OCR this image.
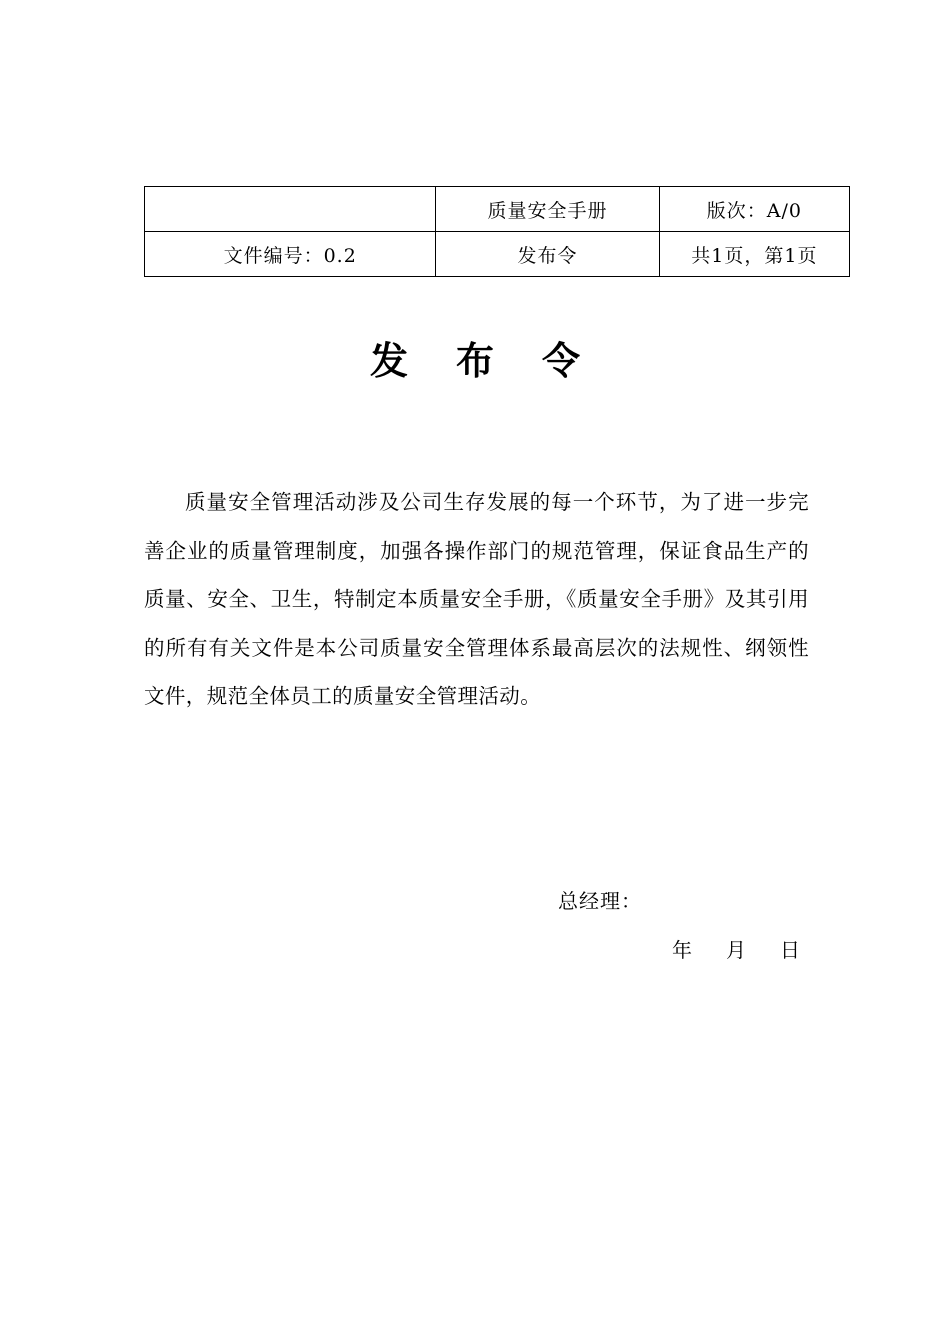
	质量安全手册	版次：A/0
文件编号：0.2	发布令	共1页，第1页
发 布 令

质量安全管理活动涉及公司生存发展的每一个环节，为了进一步完善企业的质量管理制度，加强各操作部门的规范管理，保证食品生产的质量、安全、卫生，特制定本质量安全手册，《质量安全手册》及其引用的所有有关文件是本公司质量安全管理体系最高层次的法规性、纲领性文件，规范全体员工的质量安全管理活动。

总经理：

年 月 日
